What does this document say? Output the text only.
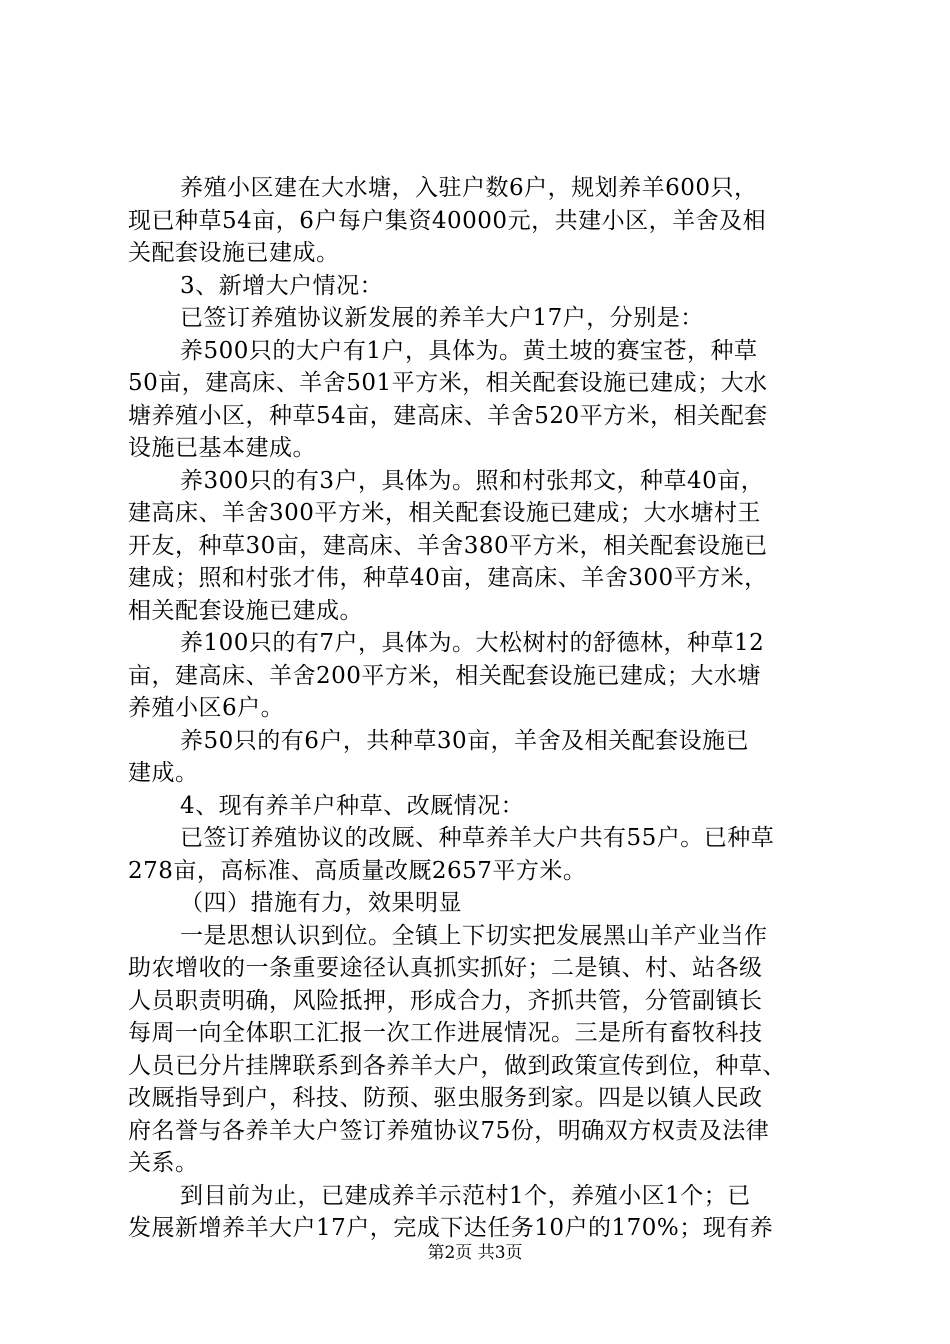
养殖小区建在大水塘，入驻户数6户，规划养羊600只，
现已种草54亩，6户每户集资40000元，共建小区，羊舍及相
关配套设施已建成。
3、新增大户情况：
已签订养殖协议新发展的养羊大户17户，分别是：
养500只的大户有1户，具体为。黄土坡的赛宝苍，种草
50亩，建高床、羊舍501平方米，相关配套设施已建成；大水
塘养殖小区，种草54亩，建高床、羊舍520平方米，相关配套
设施已基本建成。
养300只的有3户，具体为。照和村张邦文，种草40亩，
建高床、羊舍300平方米，相关配套设施已建成；大水塘村王
开友，种草30亩，建高床、羊舍380平方米，相关配套设施已
建成；照和村张才伟，种草40亩，建高床、羊舍300平方米，
相关配套设施已建成。
养100只的有7户，具体为。大松树村的舒德林，种草12
亩，建高床、羊舍200平方米，相关配套设施已建成；大水塘
养殖小区6户。
养50只的有6户，共种草30亩，羊舍及相关配套设施已
建成。
4、现有养羊户种草、改厩情况：
已签订养殖协议的改厩、种草养羊大户共有55户。已种草
278亩，高标准、高质量改厩2657平方米。
（四）措施有力，效果明显
一是思想认识到位。全镇上下切实把发展黑山羊产业当作
助农增收的一条重要途径认真抓实抓好；二是镇、村、站各级
人员职责明确，风险抵押，形成合力，齐抓共管，分管副镇长
每周一向全体职工汇报一次工作进展情况。三是所有畜牧科技
人员已分片挂牌联系到各养羊大户，做到政策宣传到位，种草、
改厩指导到户，科技、防预、驱虫服务到家。四是以镇人民政
府名誉与各养羊大户签订养殖协议75份，明确双方权责及法律
关系。
到目前为止，已建成养羊示范村1个，养殖小区1个；已
发展新增养羊大户17户，完成下达任务10户的170%；现有养
第2页 共3页
